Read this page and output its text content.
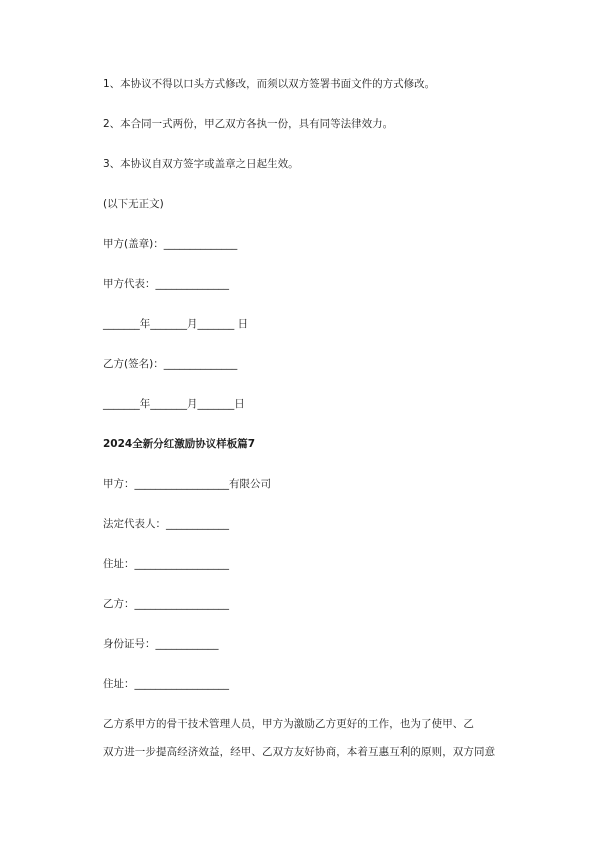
1、本协议不得以口头方式修改，而须以双方签署书面文件的方式修改。

2、本合同一式两份，甲乙双方各执一份，具有同等法律效力。

3、本协议自双方签字或盖章之日起生效。

(以下无正文)

甲方(盖章)：______________

甲方代表：______________

_______年_______月_______ 日

乙方(签名)：______________

_______年_______月_______日

2024全新分红激励协议样板篇7

甲方：__________________有限公司

法定代表人：____________

住址：__________________

乙方：__________________

身份证号：____________

住址：__________________

乙方系甲方的骨干技术管理人员，甲方为激励乙方更好的工作，也为了使甲、乙
双方进一步提高经济效益，经甲、乙双方友好协商，本着互惠互利的原则，双方同意
